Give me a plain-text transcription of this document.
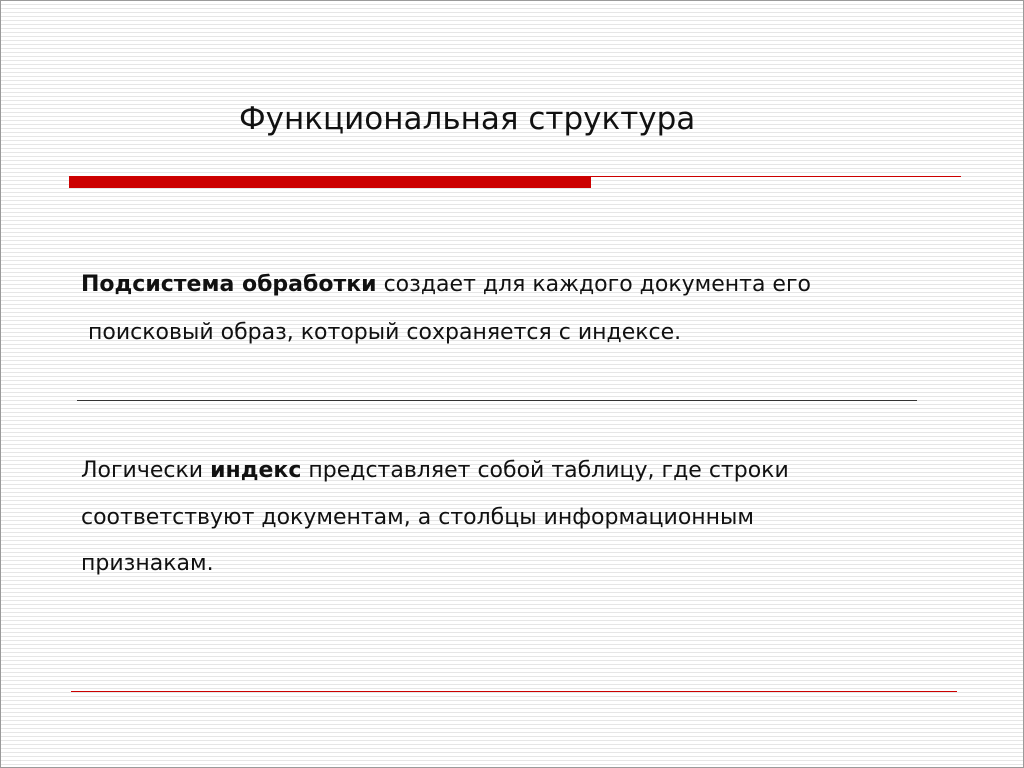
Функциональная структура
Подсистема обработки создает для каждого документа его
поисковый образ, который сохраняется с индексе.
Логически индекс представляет собой таблицу, где строки
соответствуют документам, а столбцы информационным
признакам.
